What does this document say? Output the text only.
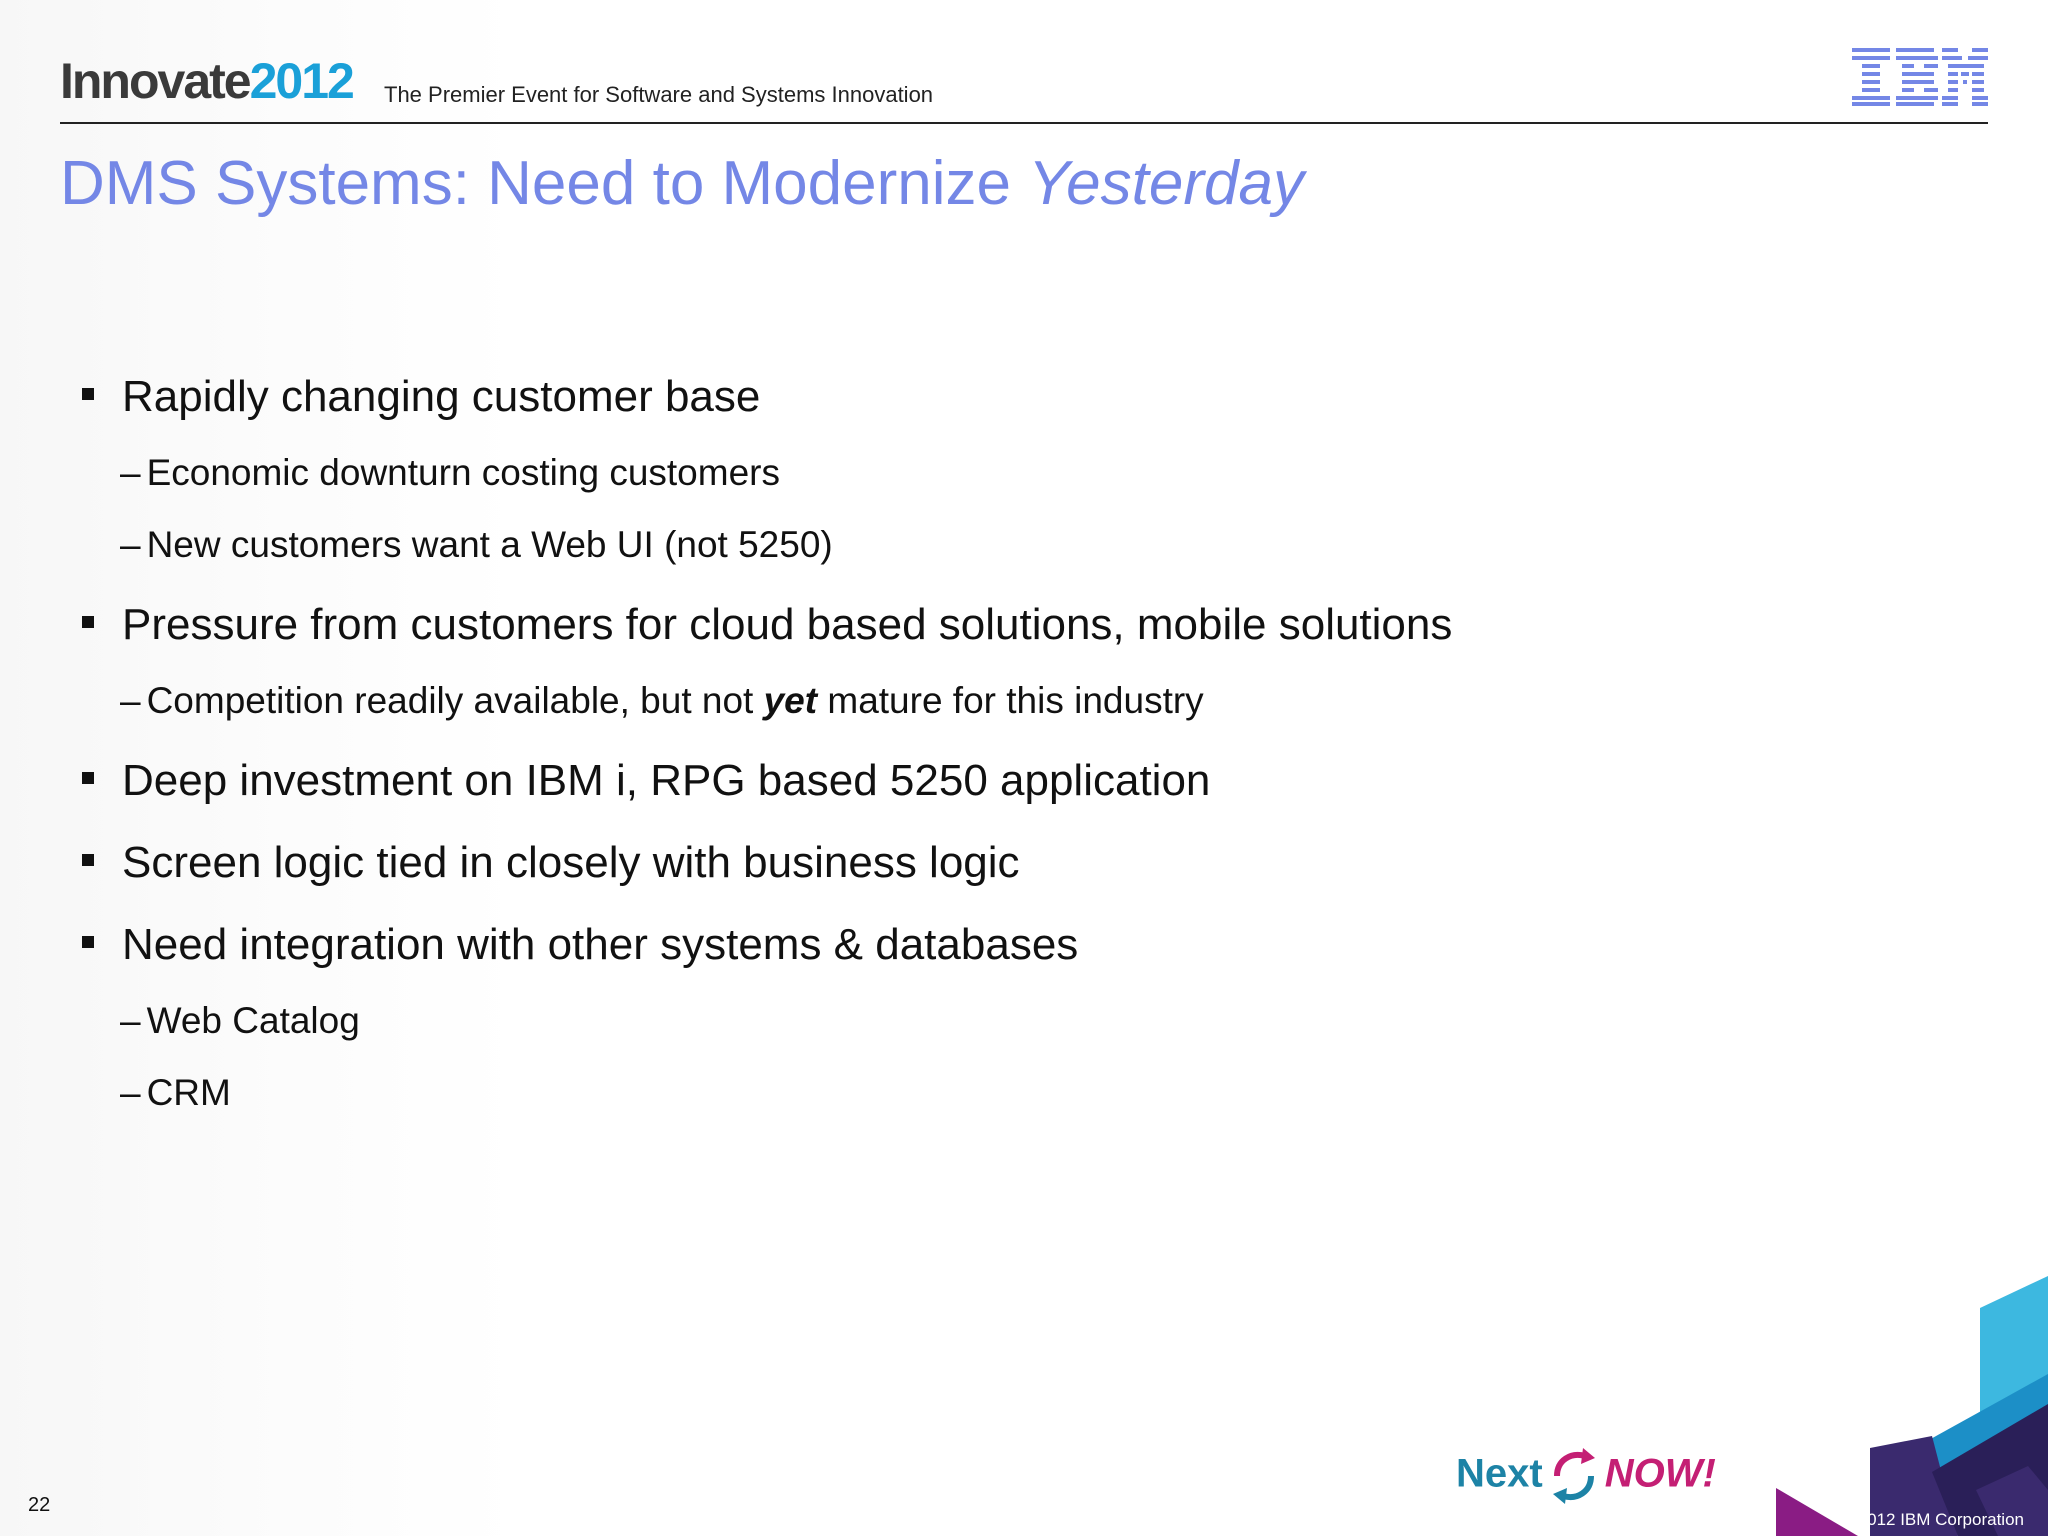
Innovate2012 The Premier Event for Software and Systems Innovation
DMS Systems: Need to Modernize Yesterday
Rapidly changing customer base
– Economic downturn costing customers
– New customers want a Web UI (not 5250)
Pressure from customers for cloud based solutions, mobile solutions
– Competition readily available, but not yet mature for this industry
Deep investment on IBM i, RPG based 5250 application
Screen logic tied in closely with business logic
Need integration with other systems & databases
– Web Catalog
– CRM
22
Next NOW!
© 2012 IBM Corporation
